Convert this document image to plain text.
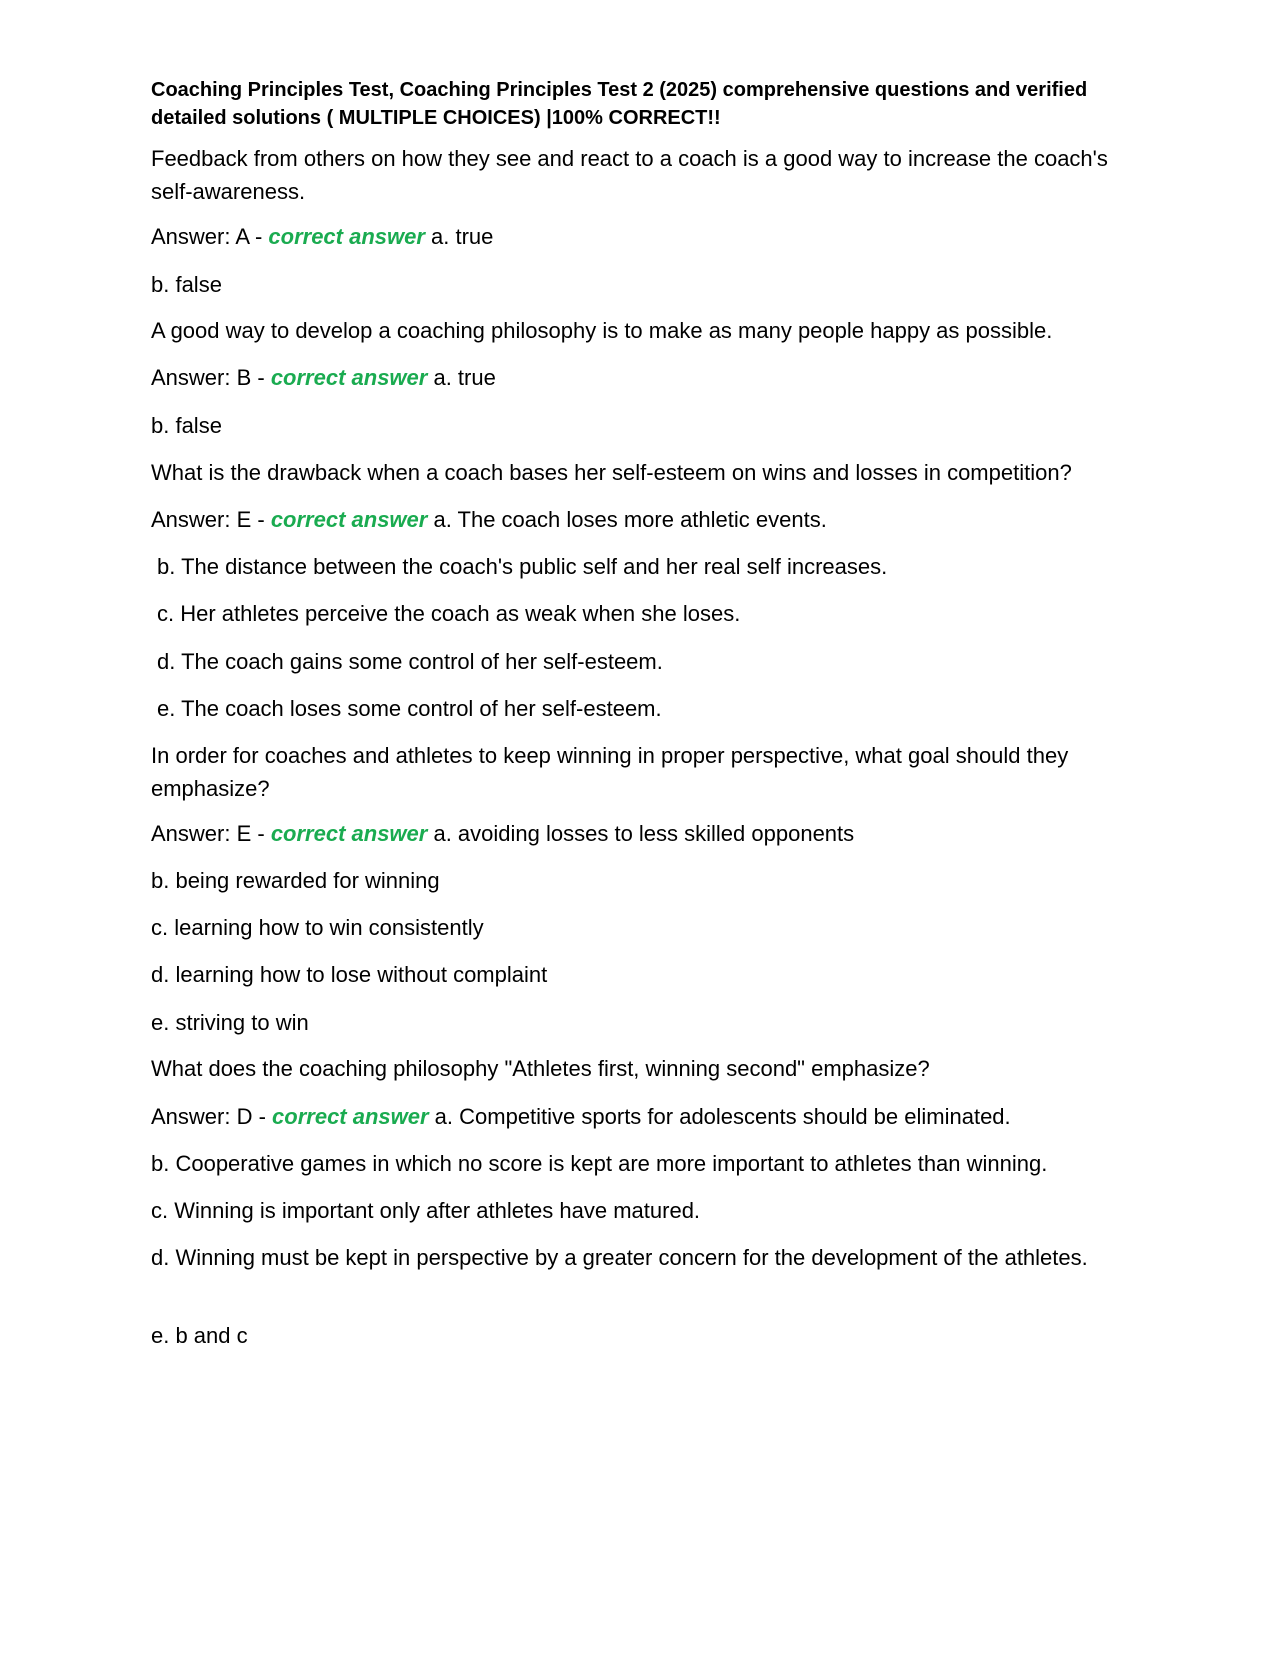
Coaching Principles Test, Coaching Principles Test 2 (2025) comprehensive questions and verified detailed solutions ( MULTIPLE CHOICES) |100% CORRECT!!

Feedback from others on how they see and react to a coach is a good way to increase the coach's self-awareness.

Answer: A - correct answer a. true

b. false

A good way to develop a coaching philosophy is to make as many people happy as possible.

Answer: B - correct answer a. true

b. false

What is the drawback when a coach bases her self-esteem on wins and losses in competition?

Answer: E - correct answer a. The coach loses more athletic events.

b. The distance between the coach's public self and her real self increases.

c. Her athletes perceive the coach as weak when she loses.

d. The coach gains some control of her self-esteem.

e. The coach loses some control of her self-esteem.

In order for coaches and athletes to keep winning in proper perspective, what goal should they emphasize?

Answer: E - correct answer a. avoiding losses to less skilled opponents

b. being rewarded for winning

c. learning how to win consistently

d. learning how to lose without complaint

e. striving to win

What does the coaching philosophy "Athletes first, winning second" emphasize?

Answer: D - correct answer a. Competitive sports for adolescents should be eliminated.

b. Cooperative games in which no score is kept are more important to athletes than winning.

c. Winning is important only after athletes have matured.

d. Winning must be kept in perspective by a greater concern for the development of the athletes.

e. b and c
